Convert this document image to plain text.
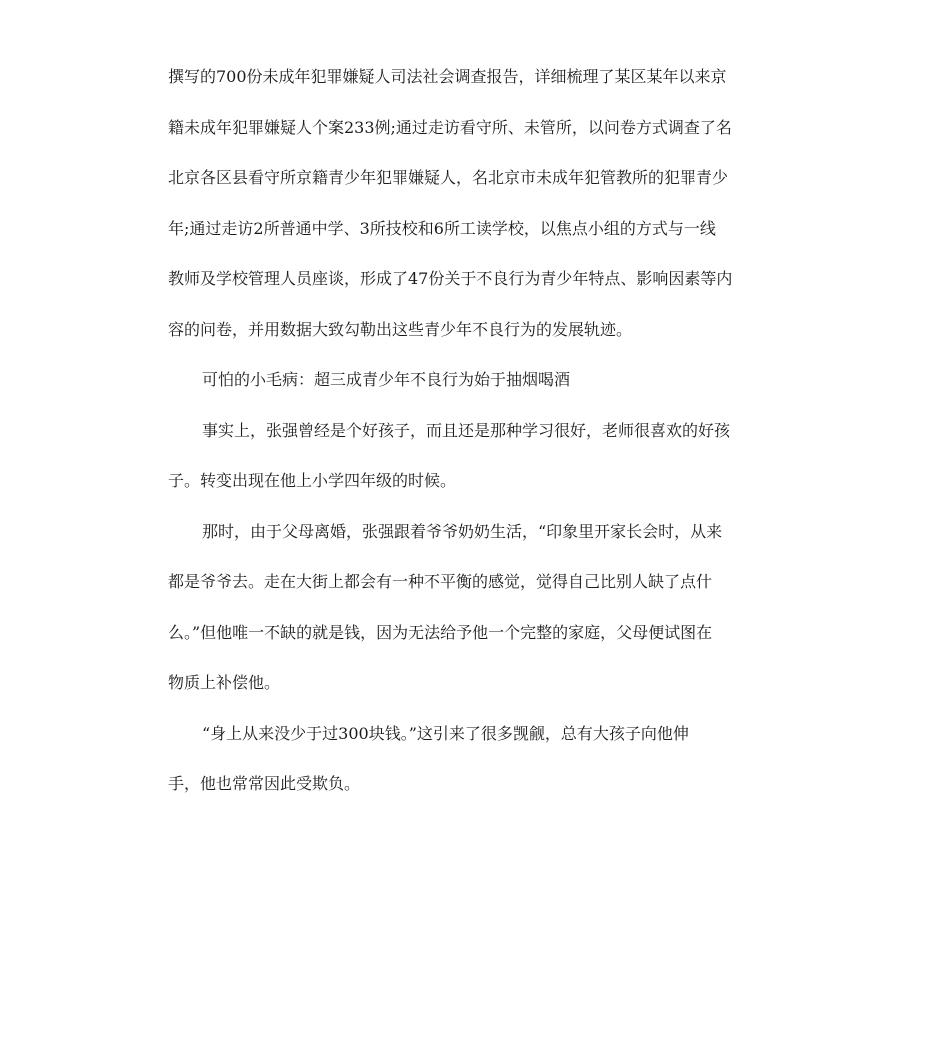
撰写的700份未成年犯罪嫌疑人司法社会调查报告，详细梳理了某区某年以来京
籍未成年犯罪嫌疑人个案233例;通过走访看守所、未管所，以问卷方式调查了名
北京各区县看守所京籍青少年犯罪嫌疑人，名北京市未成年犯管教所的犯罪青少
年;通过走访2所普通中学、3所技校和6所工读学校，以焦点小组的方式与一线
教师及学校管理人员座谈，形成了47份关于不良行为青少年特点、影响因素等内
容的问卷，并用数据大致勾勒出这些青少年不良行为的发展轨迹。
可怕的小毛病：超三成青少年不良行为始于抽烟喝酒
事实上，张强曾经是个好孩子，而且还是那种学习很好，老师很喜欢的好孩
子。转变出现在他上小学四年级的时候。
那时，由于父母离婚，张强跟着爷爷奶奶生活，“印象里开家长会时，从来
都是爷爷去。走在大街上都会有一种不平衡的感觉，觉得自己比别人缺了点什
么。”但他唯一不缺的就是钱，因为无法给予他一个完整的家庭，父母便试图在
物质上补偿他。
“身上从来没少于过300块钱。”这引来了很多觊觎，总有大孩子向他伸
手，他也常常因此受欺负。
